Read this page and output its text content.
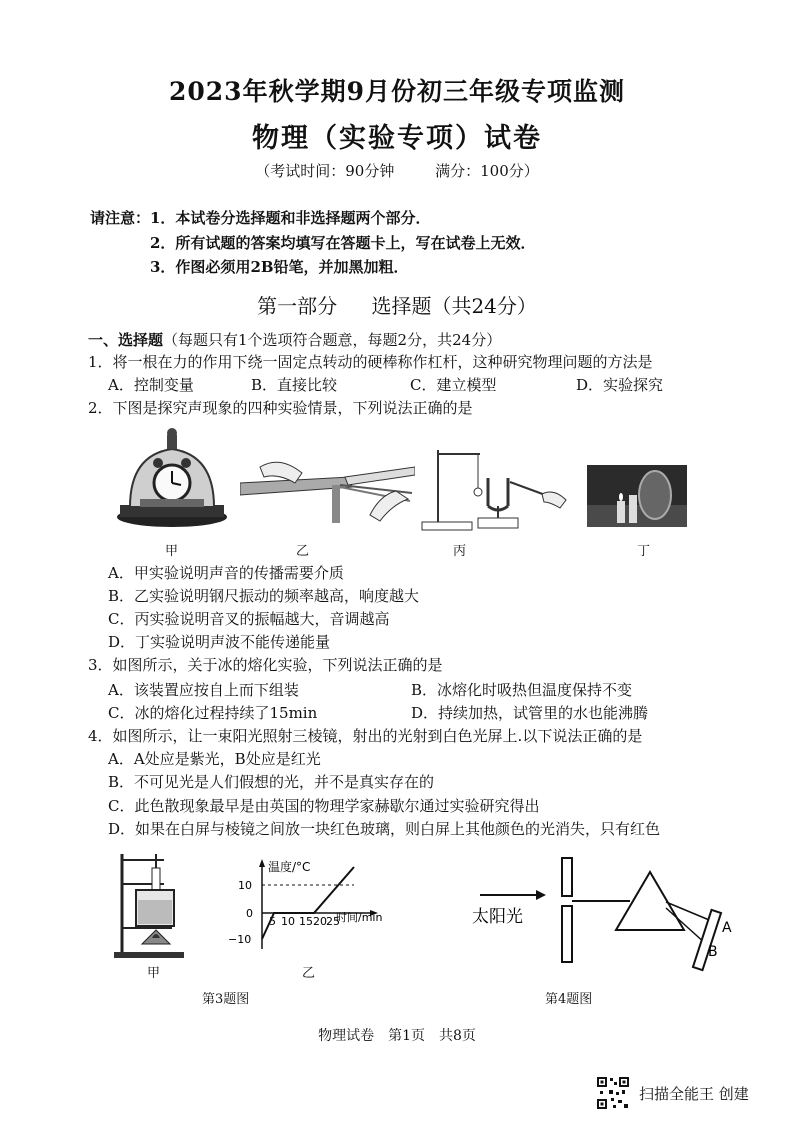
2023年秋学期9月份初三年级专项监测
物理（实验专项）试卷
（考试时间：90分钟	满分：100分）
请注意： 1．本试卷分选择题和非选择题两个部分．
2．所有试题的答案均填写在答题卡上，写在试卷上无效．
3．作图必须用2B铅笔，并加黑加粗．
第一部分 选择题（共24分）
一、选择题（每题只有1个选项符合题意，每题2分，共24分）
1．将一根在力的作用下绕一固定点转动的硬棒称作杠杆，这种研究物理问题的方法是
A．控制变量	B．直接比较	C．建立模型	D．实验探究
2．下图是探究声现象的四种实验情景，下列说法正确的是
甲	乙	丙	丁
A．甲实验说明声音的传播需要介质
B．乙实验说明钢尺振动的频率越高，响度越大
C．丙实验说明音叉的振幅越大，音调越高
D．丁实验说明声波不能传递能量
3．如图所示，关于冰的熔化实验，下列说法正确的是
A．该装置应按自上而下组装	B．冰熔化时吸热但温度保持不变
C．冰的熔化过程持续了15min	D．持续加热，试管里的水也能沸腾
4．如图所示，让一束阳光照射三棱镜，射出的光射到白色光屏上.以下说法正确的是
A．A处应是紫光，B处应是红光
B．不可见光是人们假想的光，并不是真实存在的
C．此色散现象最早是由英国的物理学家赫歇尔通过实验研究得出
D．如果在白屏与棱镜之间放一块红色玻璃，则白屏上其他颜色的光消失，只有红色
甲
温度/°C
时间/min
10
0
−10
5 10 15 20 25
乙
第3题图
太阳光
A
B
第4题图
物理试卷　第1页　共8页
扫描全能王 创建
